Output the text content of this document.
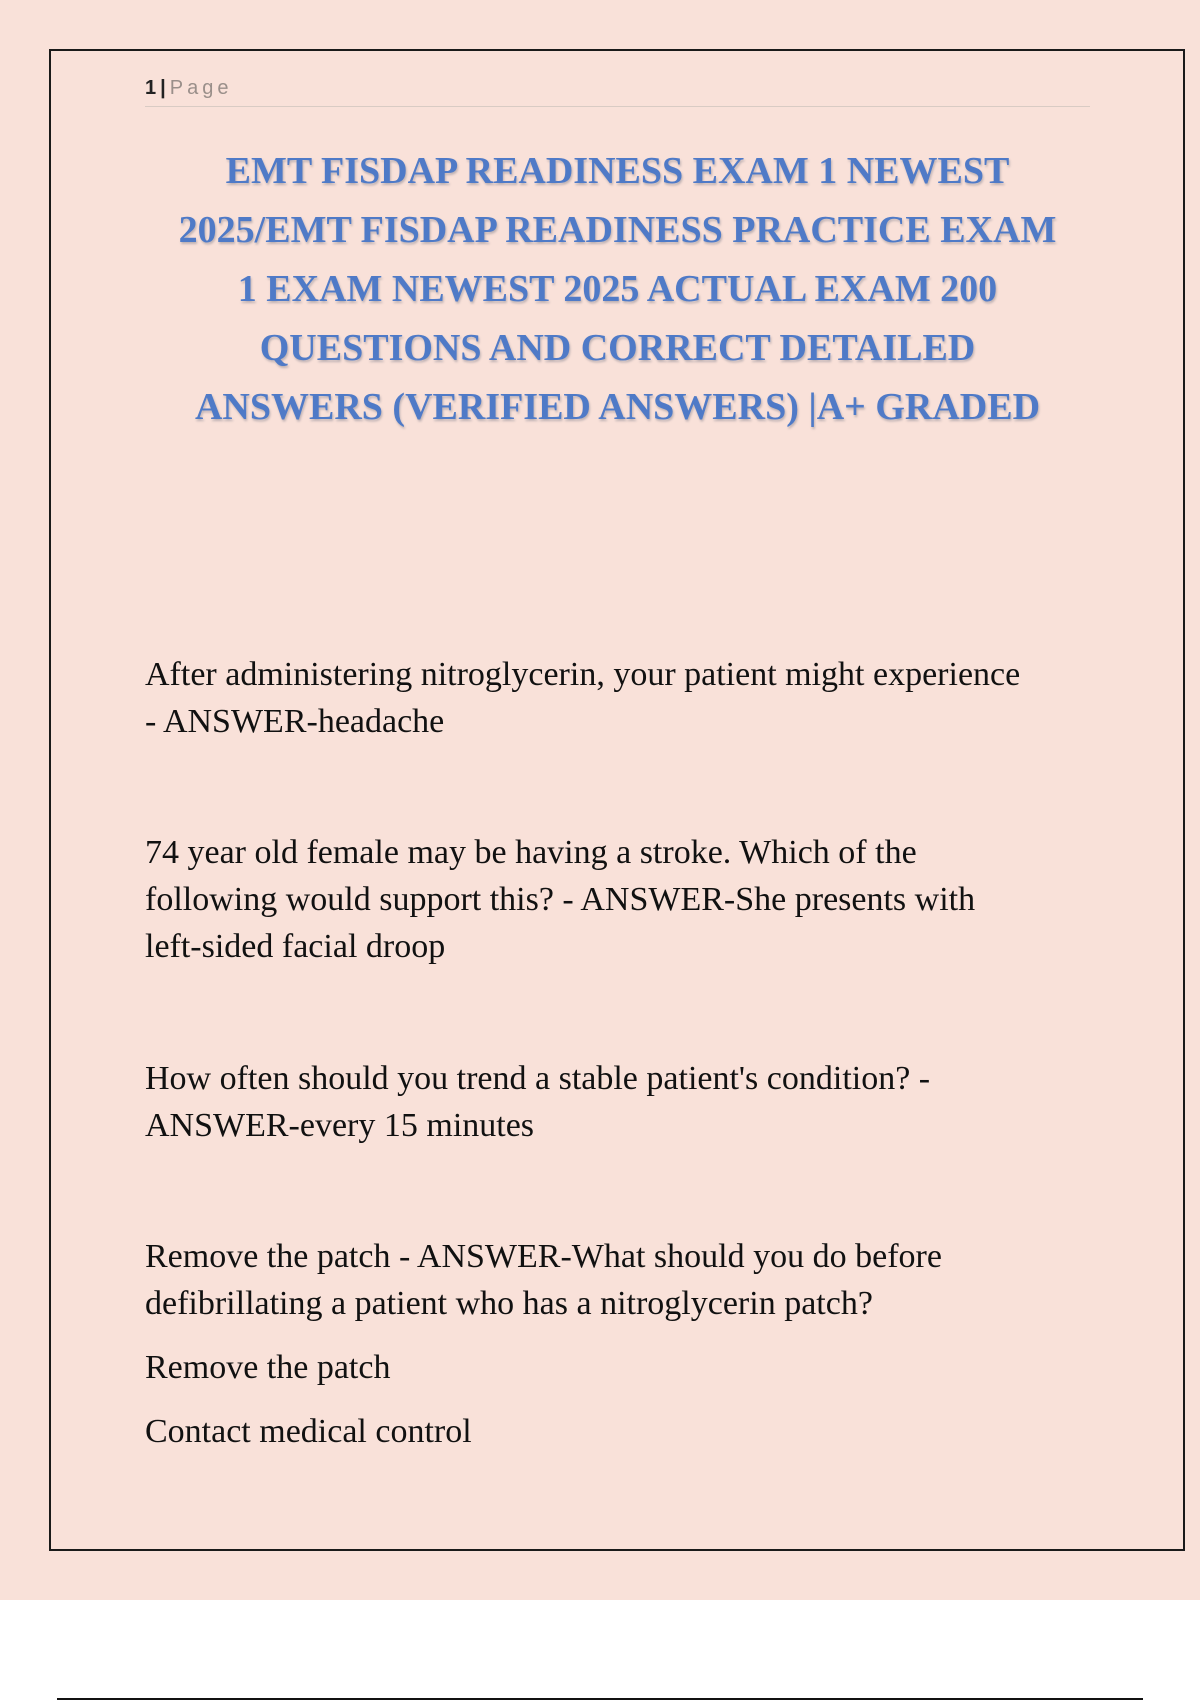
1 | Page
EMT FISDAP READINESS EXAM 1 NEWEST
2025/EMT FISDAP READINESS PRACTICE EXAM
1 EXAM NEWEST 2025 ACTUAL EXAM 200
QUESTIONS AND CORRECT DETAILED
ANSWERS (VERIFIED ANSWERS) |A+ GRADED
After administering nitroglycerin, your patient might experience
- ANSWER-headache
74 year old female may be having a stroke. Which of the
following would support this? - ANSWER-She presents with
left-sided facial droop
How often should you trend a stable patient's condition? -
ANSWER-every 15 minutes
Remove the patch - ANSWER-What should you do before
defibrillating a patient who has a nitroglycerin patch?
Remove the patch
Contact medical control
